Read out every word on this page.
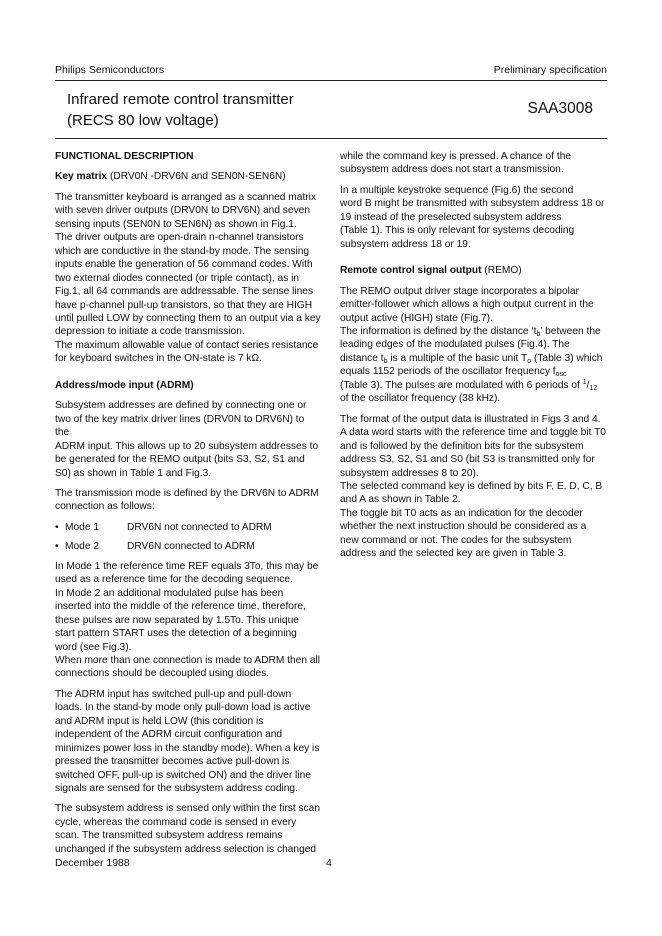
Philips Semiconductors	Preliminary specification
Infrared remote control transmitter
(RECS 80 low voltage)
SAA3008
FUNCTIONAL DESCRIPTION
Key matrix (DRV0N -DRV6N and SEN0N-SEN6N)

The transmitter keyboard is arranged as a scanned matrix
with seven driver outputs (DRV0N to DRV6N) and seven
sensing inputs (SEN0N to SEN6N) as shown in Fig.1.
The driver outputs are open-drain n-channel transistors
which are conductive in the stand-by mode. The sensing
inputs enable the generation of 56 command codes. With
two external diodes connected (or triple contact), as in
Fig.1, all 64 commands are addressable. The sense lines
have p-channel pull-up transistors, so that they are HIGH
until pulled LOW by connecting them to an output via a key
depression to initiate a code transmission.
The maximum allowable value of contact series resistance
for keyboard switches in the ON-state is 7 kΩ.

Address/mode input (ADRM)

Subsystem addresses are defined by connecting one or
two of the key matrix driver lines (DRV0N to DRV6N) to the
ADRM input. This allows up to 20 subsystem addresses to
be generated for the REMO output (bits S3, S2, S1 and
S0) as shown in Table 1 and Fig.3.

The transmission mode is defined by the DRV6N to ADRM
connection as follows:

• Mode 1	DRV6N not connected to ADRM
• Mode 2	DRV6N connected to ADRM

In Mode 1 the reference time REF equals 3To, this may be
used as a reference time for the decoding sequence.
In Mode 2 an additional modulated pulse has been
inserted into the middle of the reference time, therefore,
these pulses are now separated by 1.5To. This unique
start pattern START uses the detection of a beginning
word (see Fig.3).
When more than one connection is made to ADRM then all
connections should be decoupled using diodes.

The ADRM input has switched pull-up and pull-down
loads. In the stand-by mode only pull-down load is active
and ADRM input is held LOW (this condition is
independent of the ADRM circuit configuration and
minimizes power loss in the standby mode). When a key is
pressed the transmitter becomes active pull-down is
switched OFF, pull-up is switched ON) and the driver line
signals are sensed for the subsystem address coding.

The subsystem address is sensed only within the first scan
cycle, whereas the command code is sensed in every
scan. The transmitted subsystem address remains
unchanged if the subsystem address selection is changed

while the command key is pressed. A chance of the
subsystem address does not start a transmission.

In a multiple keystroke sequence (Fig.6) the second
word B might be transmitted with subsystem address 18 or
19 instead of the preselected subsystem address
(Table 1). This is only relevant for systems decoding
subsystem address 18 or 19.

Remote control signal output (REMO)

The REMO output driver stage incorporates a bipolar
emitter-follower which allows a high output current in the
output active (HIGH) state (Fig.7).
The information is defined by the distance ‘$t_b$’ between the
leading edges of the modulated pulses (Fig.4). The
distance $t_b$ is a multiple of the basic unit $T_o$ (Table 3) which
equals 1152 periods of the oscillator frequency $f_{osc}$
(Table 3). The pulses are modulated with 6 periods of $^1/_{12}$
of the oscillator frequency (38 kHz).

The format of the output data is illustrated in Figs 3 and 4.
A data word starts with the reference time and toggle bit T0
and is followed by the definition bits for the subsystem
address S3, S2, S1 and S0 (bit S3 is transmitted only for
subsystem addresses 8 to 20).
The selected command key is defined by bits F, E, D, C, B
and A as shown in Table 2.
The toggle bit T0 acts as an indication for the decoder
whether the next instruction should be considered as a
new command or not. The codes for the subsystem
address and the selected key are given in Table 3.

December 1988	4
